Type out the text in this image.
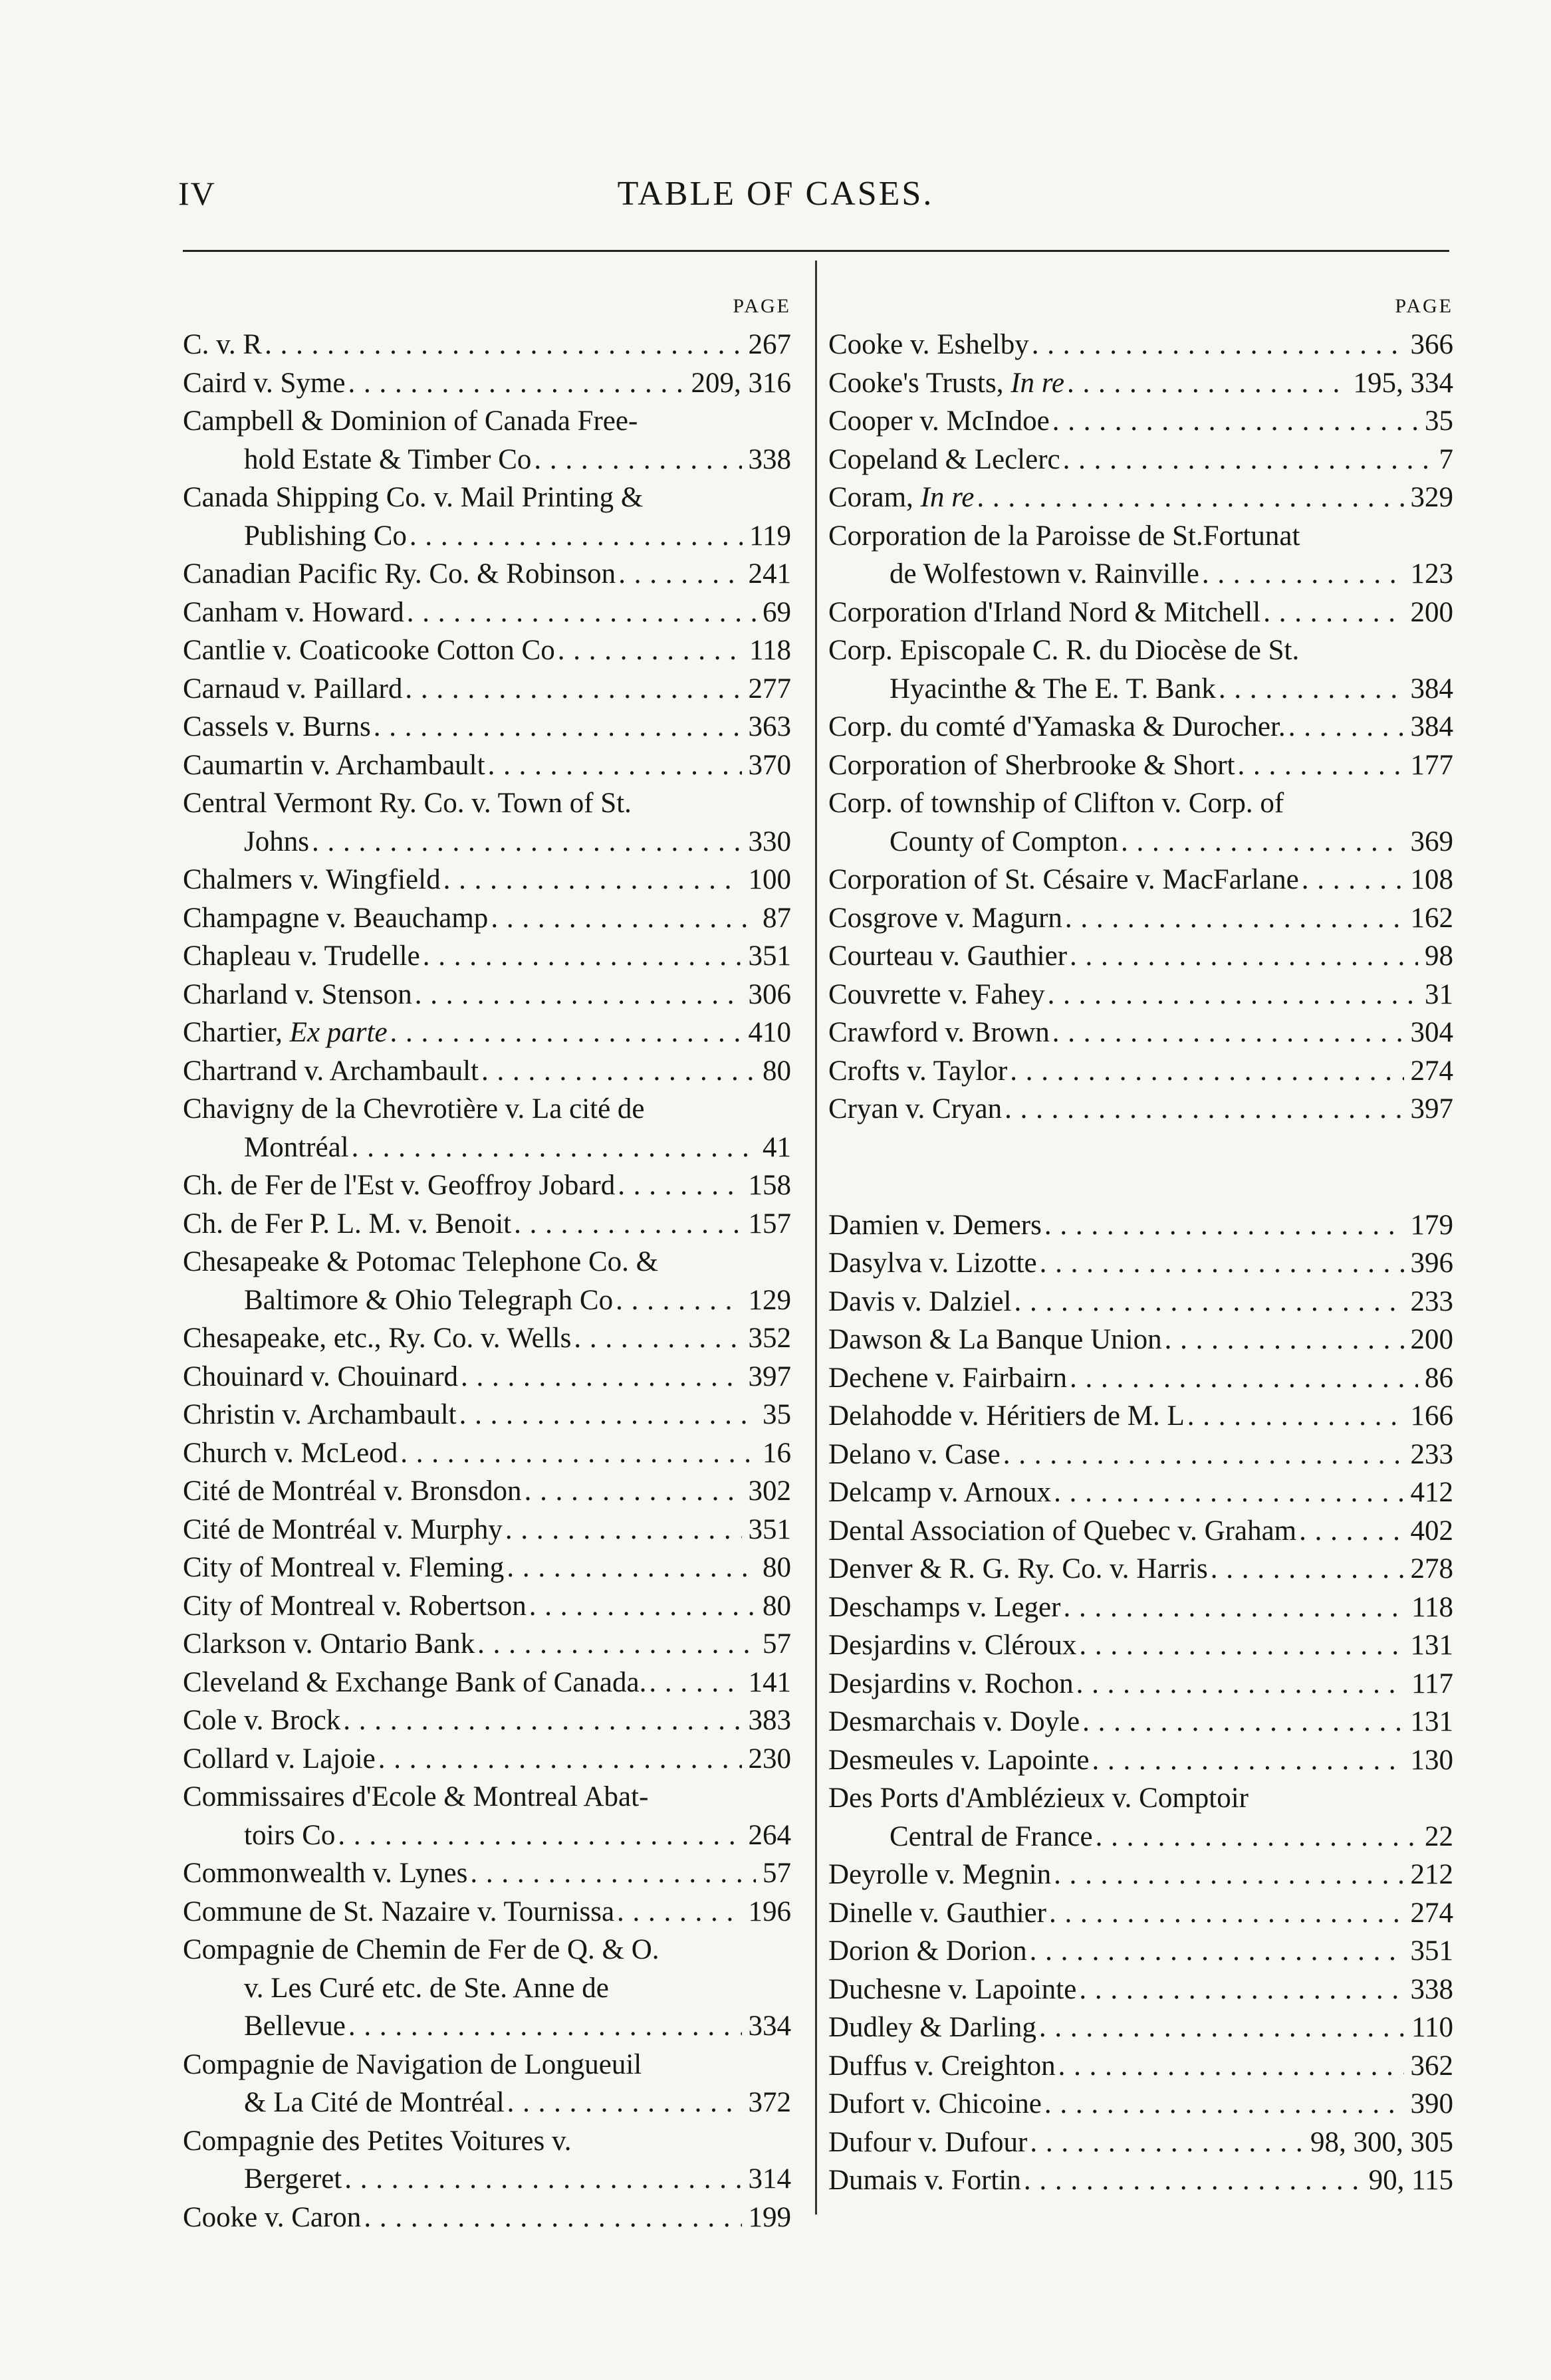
IV	TABLE OF CASES.
PAGE
C. v. R . . .	267
Caird v. Syme . . .	209, 316
Campbell & Dominion of Canada Free-
hold Estate & Timber Co . . .	338
Canada Shipping Co. v. Mail Printing &
Publishing Co . . .	119
Canadian Pacific Ry. Co. & Robinson . . .	241
Canham v. Howard . . .	69
Cantlie v. Coaticooke Cotton Co . . .	118
Carnaud v. Paillard . . .	277
Cassels v. Burns . . .	363
Caumartin v. Archambault . . .	370
Central Vermont Ry. Co. v. Town of St.
Johns . . .	330
Chalmers v. Wingfield . . .	100
Champagne v. Beauchamp . . .	87
Chapleau v. Trudelle . . .	351
Charland v. Stenson . . .	306
Chartier, Ex parte . . .	410
Chartrand v. Archambault . . .	80
Chavigny de la Chevrotière v. La cité de
Montréal . . .	41
Ch. de Fer de l'Est v. Geoffroy Jobard . . .	158
Ch. de Fer P. L. M. v. Benoit . . .	157
Chesapeake & Potomac Telephone Co. &
Baltimore & Ohio Telegraph Co . . .	129
Chesapeake, etc., Ry. Co. v. Wells . . .	352
Chouinard v. Chouinard . . .	397
Christin v. Archambault . . .	35
Church v. McLeod . . .	16
Cité de Montréal v. Bronsdon . . .	302
Cité de Montréal v. Murphy . . .	351
City of Montreal v. Fleming . . .	80
City of Montreal v. Robertson . . .	80
Clarkson v. Ontario Bank . . .	57
Cleveland & Exchange Bank of Canada. . . .	141
Cole v. Brock . . .	383
Collard v. Lajoie . . .	230
Commissaires d'Ecole & Montreal Abat-
toirs Co . . .	264
Commonwealth v. Lynes . . .	57
Commune de St. Nazaire v. Tournissa . . .	196
Compagnie de Chemin de Fer de Q. & O.
v. Les Curé etc. de Ste. Anne de
Bellevue . . .	334
Compagnie de Navigation de Longueuil
& La Cité de Montréal . . .	372
Compagnie des Petites Voitures v.
Bergeret . . .	314
Cooke v. Caron . . .	199
PAGE
Cooke v. Eshelby . . .	366
Cooke's Trusts, In re . . .	195, 334
Cooper v. McIndoe . . .	35
Copeland & Leclerc . . .	7
Coram, In re . . .	329
Corporation de la Paroisse de St.Fortunat
de Wolfestown v. Rainville . . .	123
Corporation d'Irland Nord & Mitchell . . .	200
Corp. Episcopale C. R. du Diocèse de St.
Hyacinthe & The E. T. Bank . . .	384
Corp. du comté d'Yamaska & Durocher. . . .	384
Corporation of Sherbrooke & Short . . .	177
Corp. of township of Clifton v. Corp. of
County of Compton . . .	369
Corporation of St. Césaire v. MacFarlane . . .	108
Cosgrove v. Magurn . . .	162
Courteau v. Gauthier . . .	98
Couvrette v. Fahey . . .	31
Crawford v. Brown . . .	304
Crofts v. Taylor . . .	274
Cryan v. Cryan . . .	397
Damien v. Demers . . .	179
Dasylva v. Lizotte . . .	396
Davis v. Dalziel . . .	233
Dawson & La Banque Union . . .	200
Dechene v. Fairbairn . . .	86
Delahodde v. Héritiers de M. L . . .	166
Delano v. Case . . .	233
Delcamp v. Arnoux . . .	412
Dental Association of Quebec v. Graham . . .	402
Denver & R. G. Ry. Co. v. Harris . . .	278
Deschamps v. Leger . . .	118
Desjardins v. Cléroux . . .	131
Desjardins v. Rochon . . .	117
Desmarchais v. Doyle . . .	131
Desmeules v. Lapointe . . .	130
Des Ports d'Amblézieux v. Comptoir
Central de France . . .	22
Deyrolle v. Megnin . . .	212
Dinelle v. Gauthier . . .	274
Dorion & Dorion . . .	351
Duchesne v. Lapointe . . .	338
Dudley & Darling . . .	110
Duffus v. Creighton . . .	362
Dufort v. Chicoine . . .	390
Dufour v. Dufour . . .	98, 300, 305
Dumais v. Fortin . . .	90, 115
